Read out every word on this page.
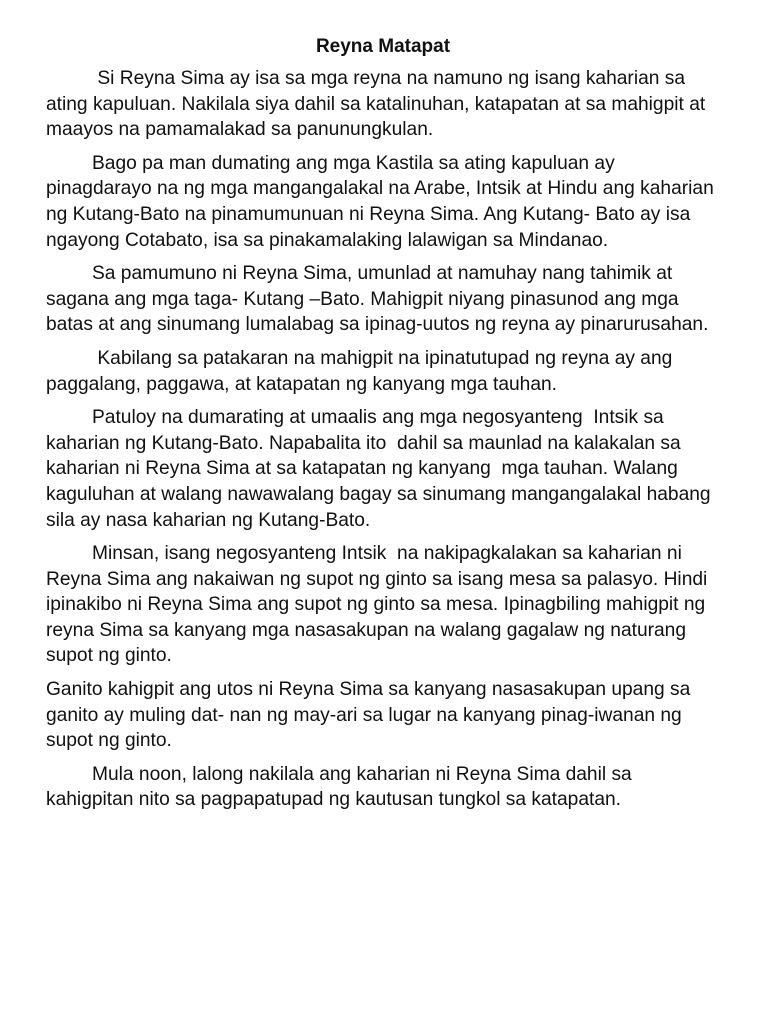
Reyna Matapat

Si Reyna Sima ay isa sa mga reyna na namuno ng isang kaharian sa ating kapuluan. Nakilala siya dahil sa katalinuhan, katapatan at sa mahigpit at maayos na pamamalakad sa panunungkulan.

Bago pa man dumating ang mga Kastila sa ating kapuluan ay pinagdarayo na ng mga mangangalakal na Arabe, Intsik at Hindu ang kaharian ng Kutang-Bato na pinamumunuan ni Reyna Sima. Ang Kutang- Bato ay isa ngayong Cotabato, isa sa pinakamalaking lalawigan sa Mindanao.

Sa pamumuno ni Reyna Sima, umunlad at namuhay nang tahimik at sagana ang mga taga- Kutang –Bato. Mahigpit niyang pinasunod ang mga batas at ang sinumang lumalabag sa ipinag-uutos ng reyna ay pinarurusahan.

Kabilang sa patakaran na mahigpit na ipinatutupad ng reyna ay ang paggalang, paggawa, at katapatan ng kanyang mga tauhan.

Patuloy na dumarating at umaalis ang mga negosyanteng  Intsik sa kaharian ng Kutang-Bato. Napabalita ito  dahil sa maunlad na kalakalan sa kaharian ni Reyna Sima at sa katapatan ng kanyang  mga tauhan. Walang kaguluhan at walang nawawalang bagay sa sinumang mangangalakal habang sila ay nasa kaharian ng Kutang-Bato.

Minsan, isang negosyanteng Intsik  na nakipagkalakan sa kaharian ni Reyna Sima ang nakaiwan ng supot ng ginto sa isang mesa sa palasyo. Hindi ipinakibo ni Reyna Sima ang supot ng ginto sa mesa. Ipinagbiling mahigpit ng reyna Sima sa kanyang mga nasasakupan na walang gagalaw ng naturang supot ng ginto.

Ganito kahigpit ang utos ni Reyna Sima sa kanyang nasasakupan upang sa ganito ay muling dat- nan ng may-ari sa lugar na kanyang pinag-iwanan ng supot ng ginto.

Mula noon, lalong nakilala ang kaharian ni Reyna Sima dahil sa kahigpitan nito sa pagpapatupad ng kautusan tungkol sa katapatan.
